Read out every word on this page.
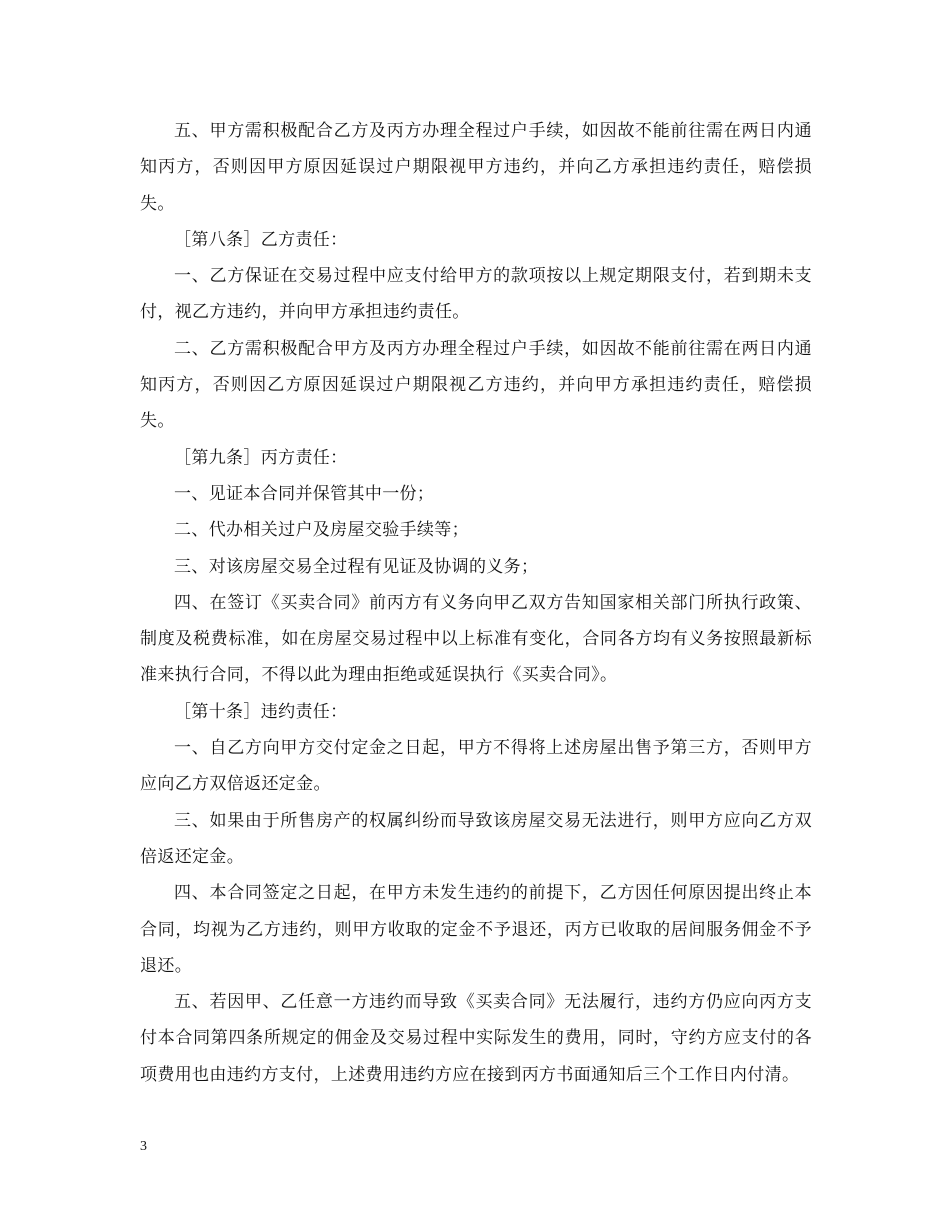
五、甲方需积极配合乙方及丙方办理全程过户手续，如因故不能前往需在两日内通知丙方，否则因甲方原因延误过户期限视甲方违约，并向乙方承担违约责任，赔偿损失。

［第八条］乙方责任：

一、乙方保证在交易过程中应支付给甲方的款项按以上规定期限支付，若到期未支付，视乙方违约，并向甲方承担违约责任。

二、乙方需积极配合甲方及丙方办理全程过户手续，如因故不能前往需在两日内通知丙方，否则因乙方原因延误过户期限视乙方违约，并向甲方承担违约责任，赔偿损失。

［第九条］丙方责任：

一、见证本合同并保管其中一份；

二、代办相关过户及房屋交验手续等；

三、对该房屋交易全过程有见证及协调的义务；

四、在签订《买卖合同》前丙方有义务向甲乙双方告知国家相关部门所执行政策、制度及税费标准，如在房屋交易过程中以上标准有变化，合同各方均有义务按照最新标准来执行合同，不得以此为理由拒绝或延误执行《买卖合同》。

［第十条］违约责任：

一、自乙方向甲方交付定金之日起，甲方不得将上述房屋出售予第三方，否则甲方应向乙方双倍返还定金。

三、如果由于所售房产的权属纠纷而导致该房屋交易无法进行，则甲方应向乙方双倍返还定金。

四、本合同签定之日起，在甲方未发生违约的前提下，乙方因任何原因提出终止本合同，均视为乙方违约，则甲方收取的定金不予退还，丙方已收取的居间服务佣金不予退还。

五、若因甲、乙任意一方违约而导致《买卖合同》无法履行，违约方仍应向丙方支付本合同第四条所规定的佣金及交易过程中实际发生的费用，同时，守约方应支付的各项费用也由违约方支付，上述费用违约方应在接到丙方书面通知后三个工作日内付清。

3
